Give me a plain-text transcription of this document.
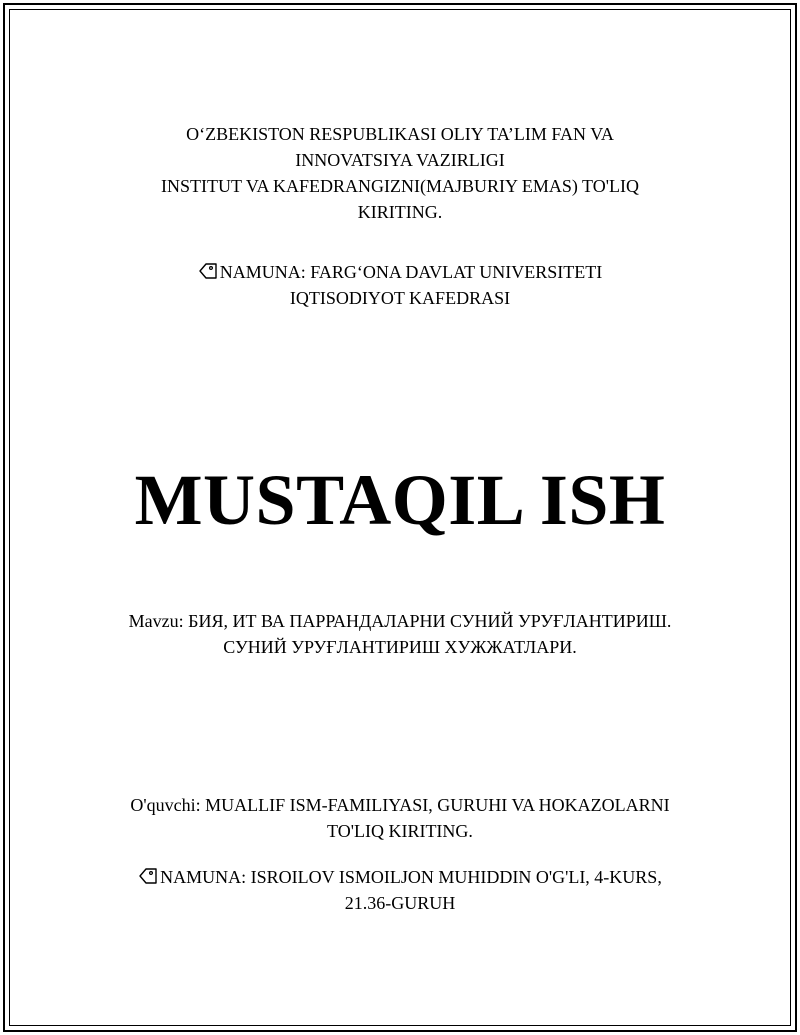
O‘ZBEKISTON RESPUBLIKASI OLIY TA’LIM FAN VA
INNOVATSIYA VAZIRLIGI
INSTITUT VA KAFEDRANGIZNI(MAJBURIY EMAS) TO'LIQ
KIRITING.
NAMUNA: FARG‘ONA DAVLAT UNIVERSITETI
IQTISODIYOT KAFEDRASI
MUSTAQIL ISH
Mavzu: БИЯ, ИТ ВА ПАРРАНДАЛАРНИ СУНИЙ УРУҒЛАНТИРИШ.
СУНИЙ УРУҒЛАНТИРИШ ХУЖЖАТЛАРИ.
O'quvchi: MUALLIF ISM-FAMILIYASI, GURUHI VA HOKAZOLARNI
TO'LIQ KIRITING.
NAMUNA: ISROILOV ISMOILJON MUHIDDIN O'G'LI, 4-KURS,
21.36-GURUH
